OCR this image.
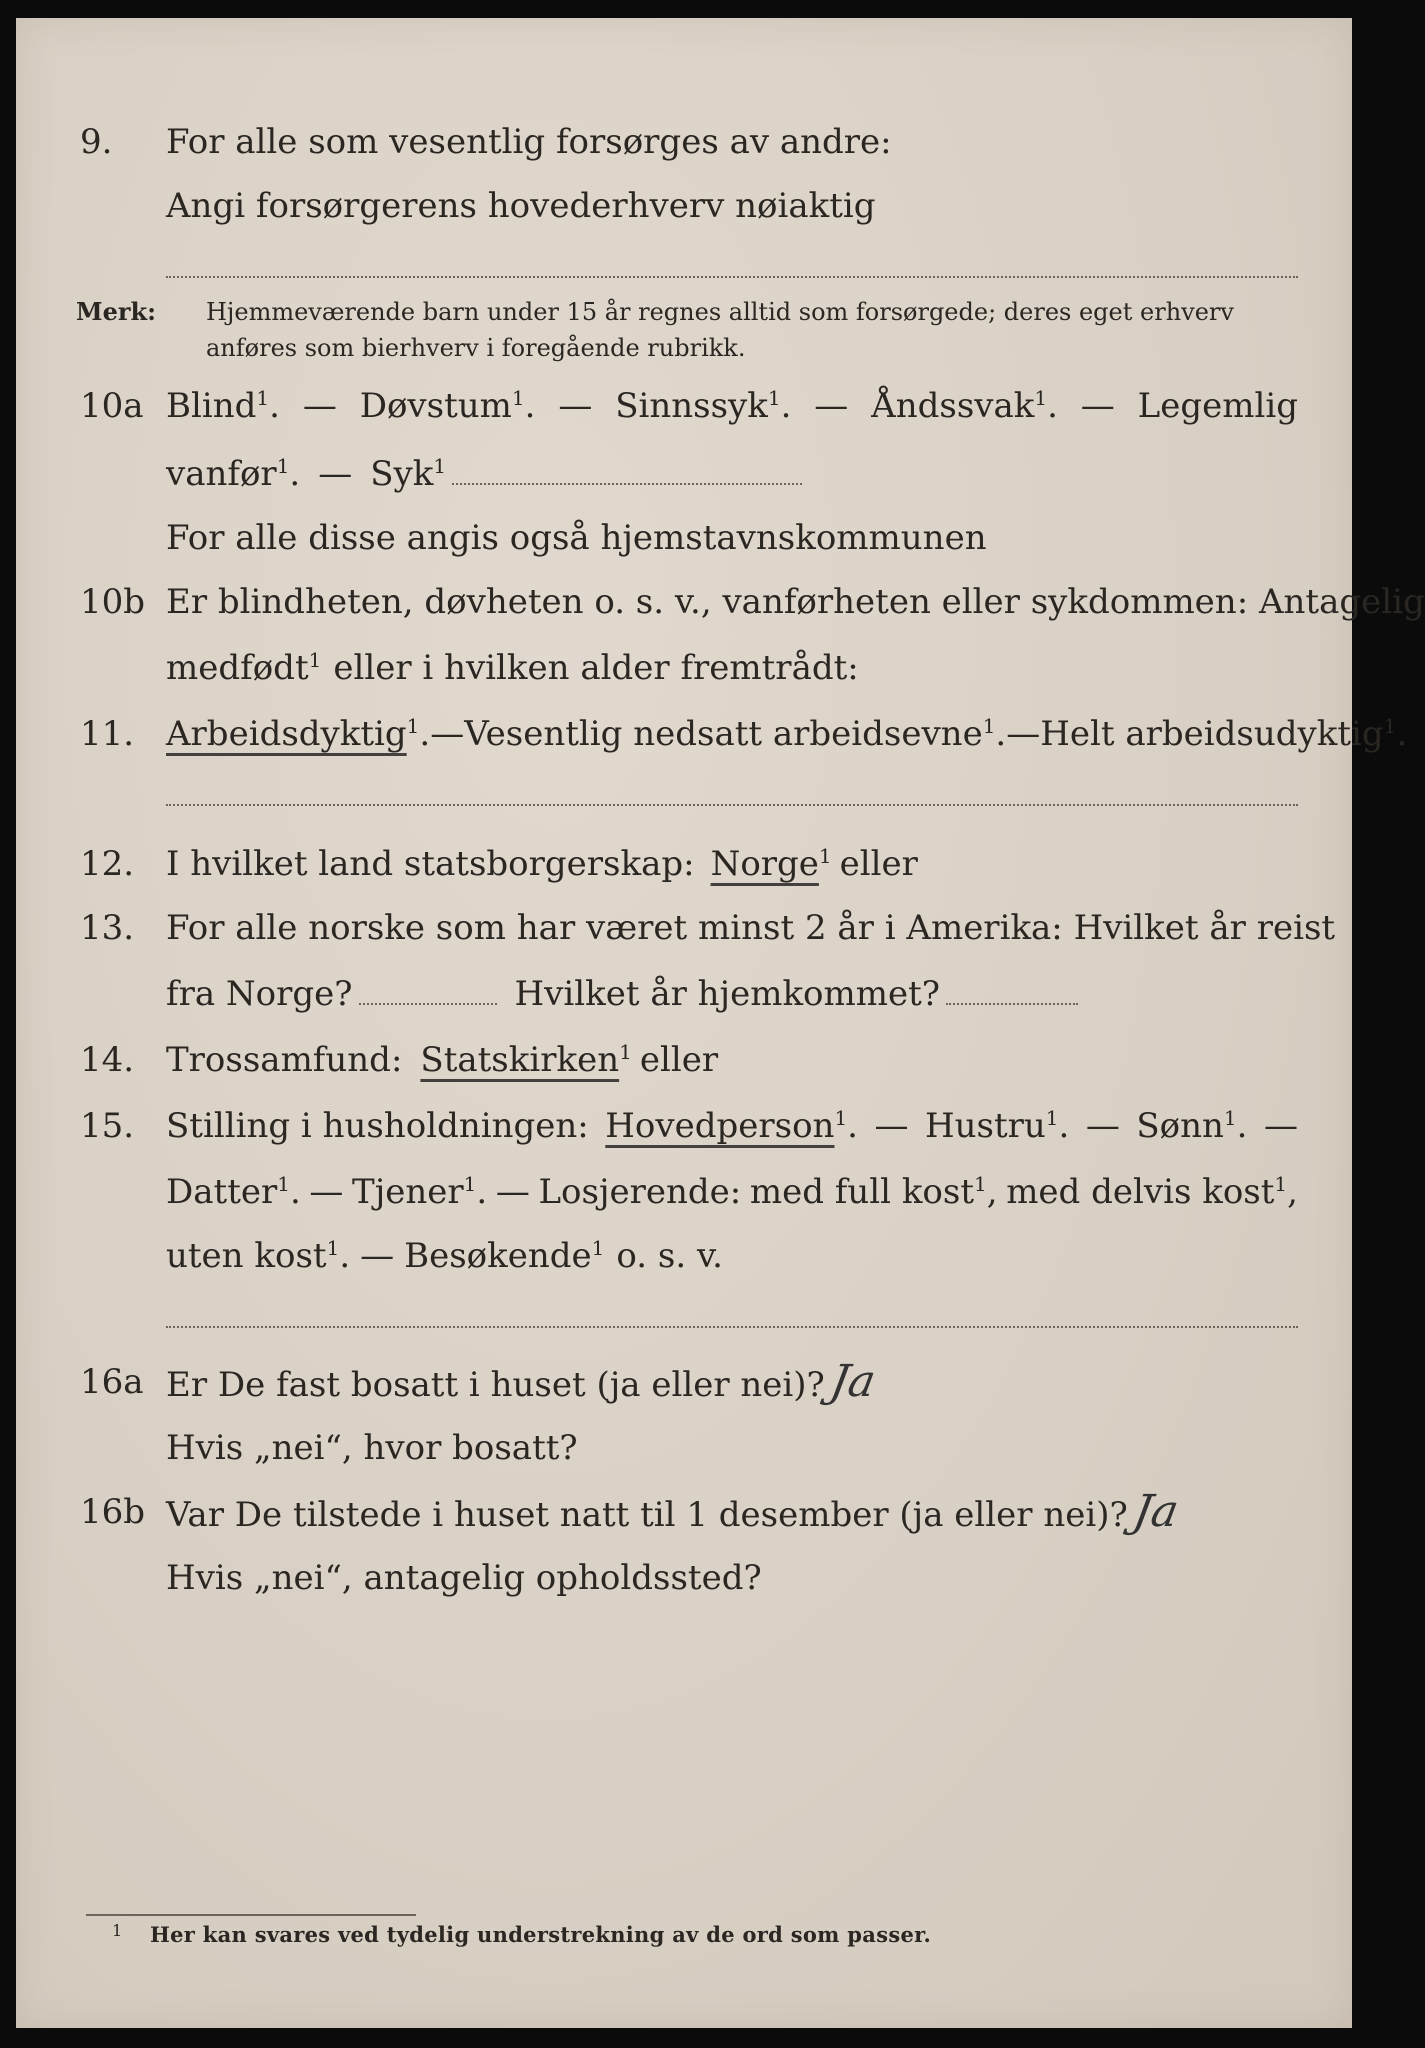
9. For alle som vesentlig forsørges av andre:
Angi forsørgerens hovederhverv nøiaktig
Merk: Hjemmeværende barn under 15 år regnes alltid som forsørgede; deres eget erhverv anføres som bierhverv i foregående rubrikk.
10a Blind$^1$. — Døvstum$^1$. — Sinnssyk$^1$. — Åndssvak$^1$. — Legemlig
vanfør$^1$. — Syk$^1$
For alle disse angis også hjemstavnskommunen
10b Er blindheten, døvheten o. s. v., vanførheten eller sykdommen: Antagelig
medfødt$^1$ eller i hvilken alder fremtrådt:
11. Arbeidsdyktig$^1$. — Vesentlig nedsatt arbeidsevne$^1$. — Helt arbeidsudyktig$^1$.
12. I hvilket land statsborgerskap: Norge$^1$ eller
13. For alle norske som har været minst 2 år i Amerika: Hvilket år reist
fra Norge?	Hvilket år hjemkommet?
14. Trossamfund: Statskirken$^1$ eller
15. Stilling i husholdningen: Hovedperson$^1$. — Hustru$^1$. — Sønn$^1$. —
Datter$^1$. — Tjener$^1$. — Losjerende: med full kost$^1$, med delvis kost$^1$,
uten kost$^1$. — Besøkende$^1$ o. s. v.
16a Er De fast bosatt i huset (ja eller nei)? Ja
Hvis „nei“, hvor bosatt?
16b Var De tilstede i huset natt til 1 desember (ja eller nei)? Ja
Hvis „nei“, antagelig opholdssted?
1 Her kan svares ved tydelig understrekning av de ord som passer.
